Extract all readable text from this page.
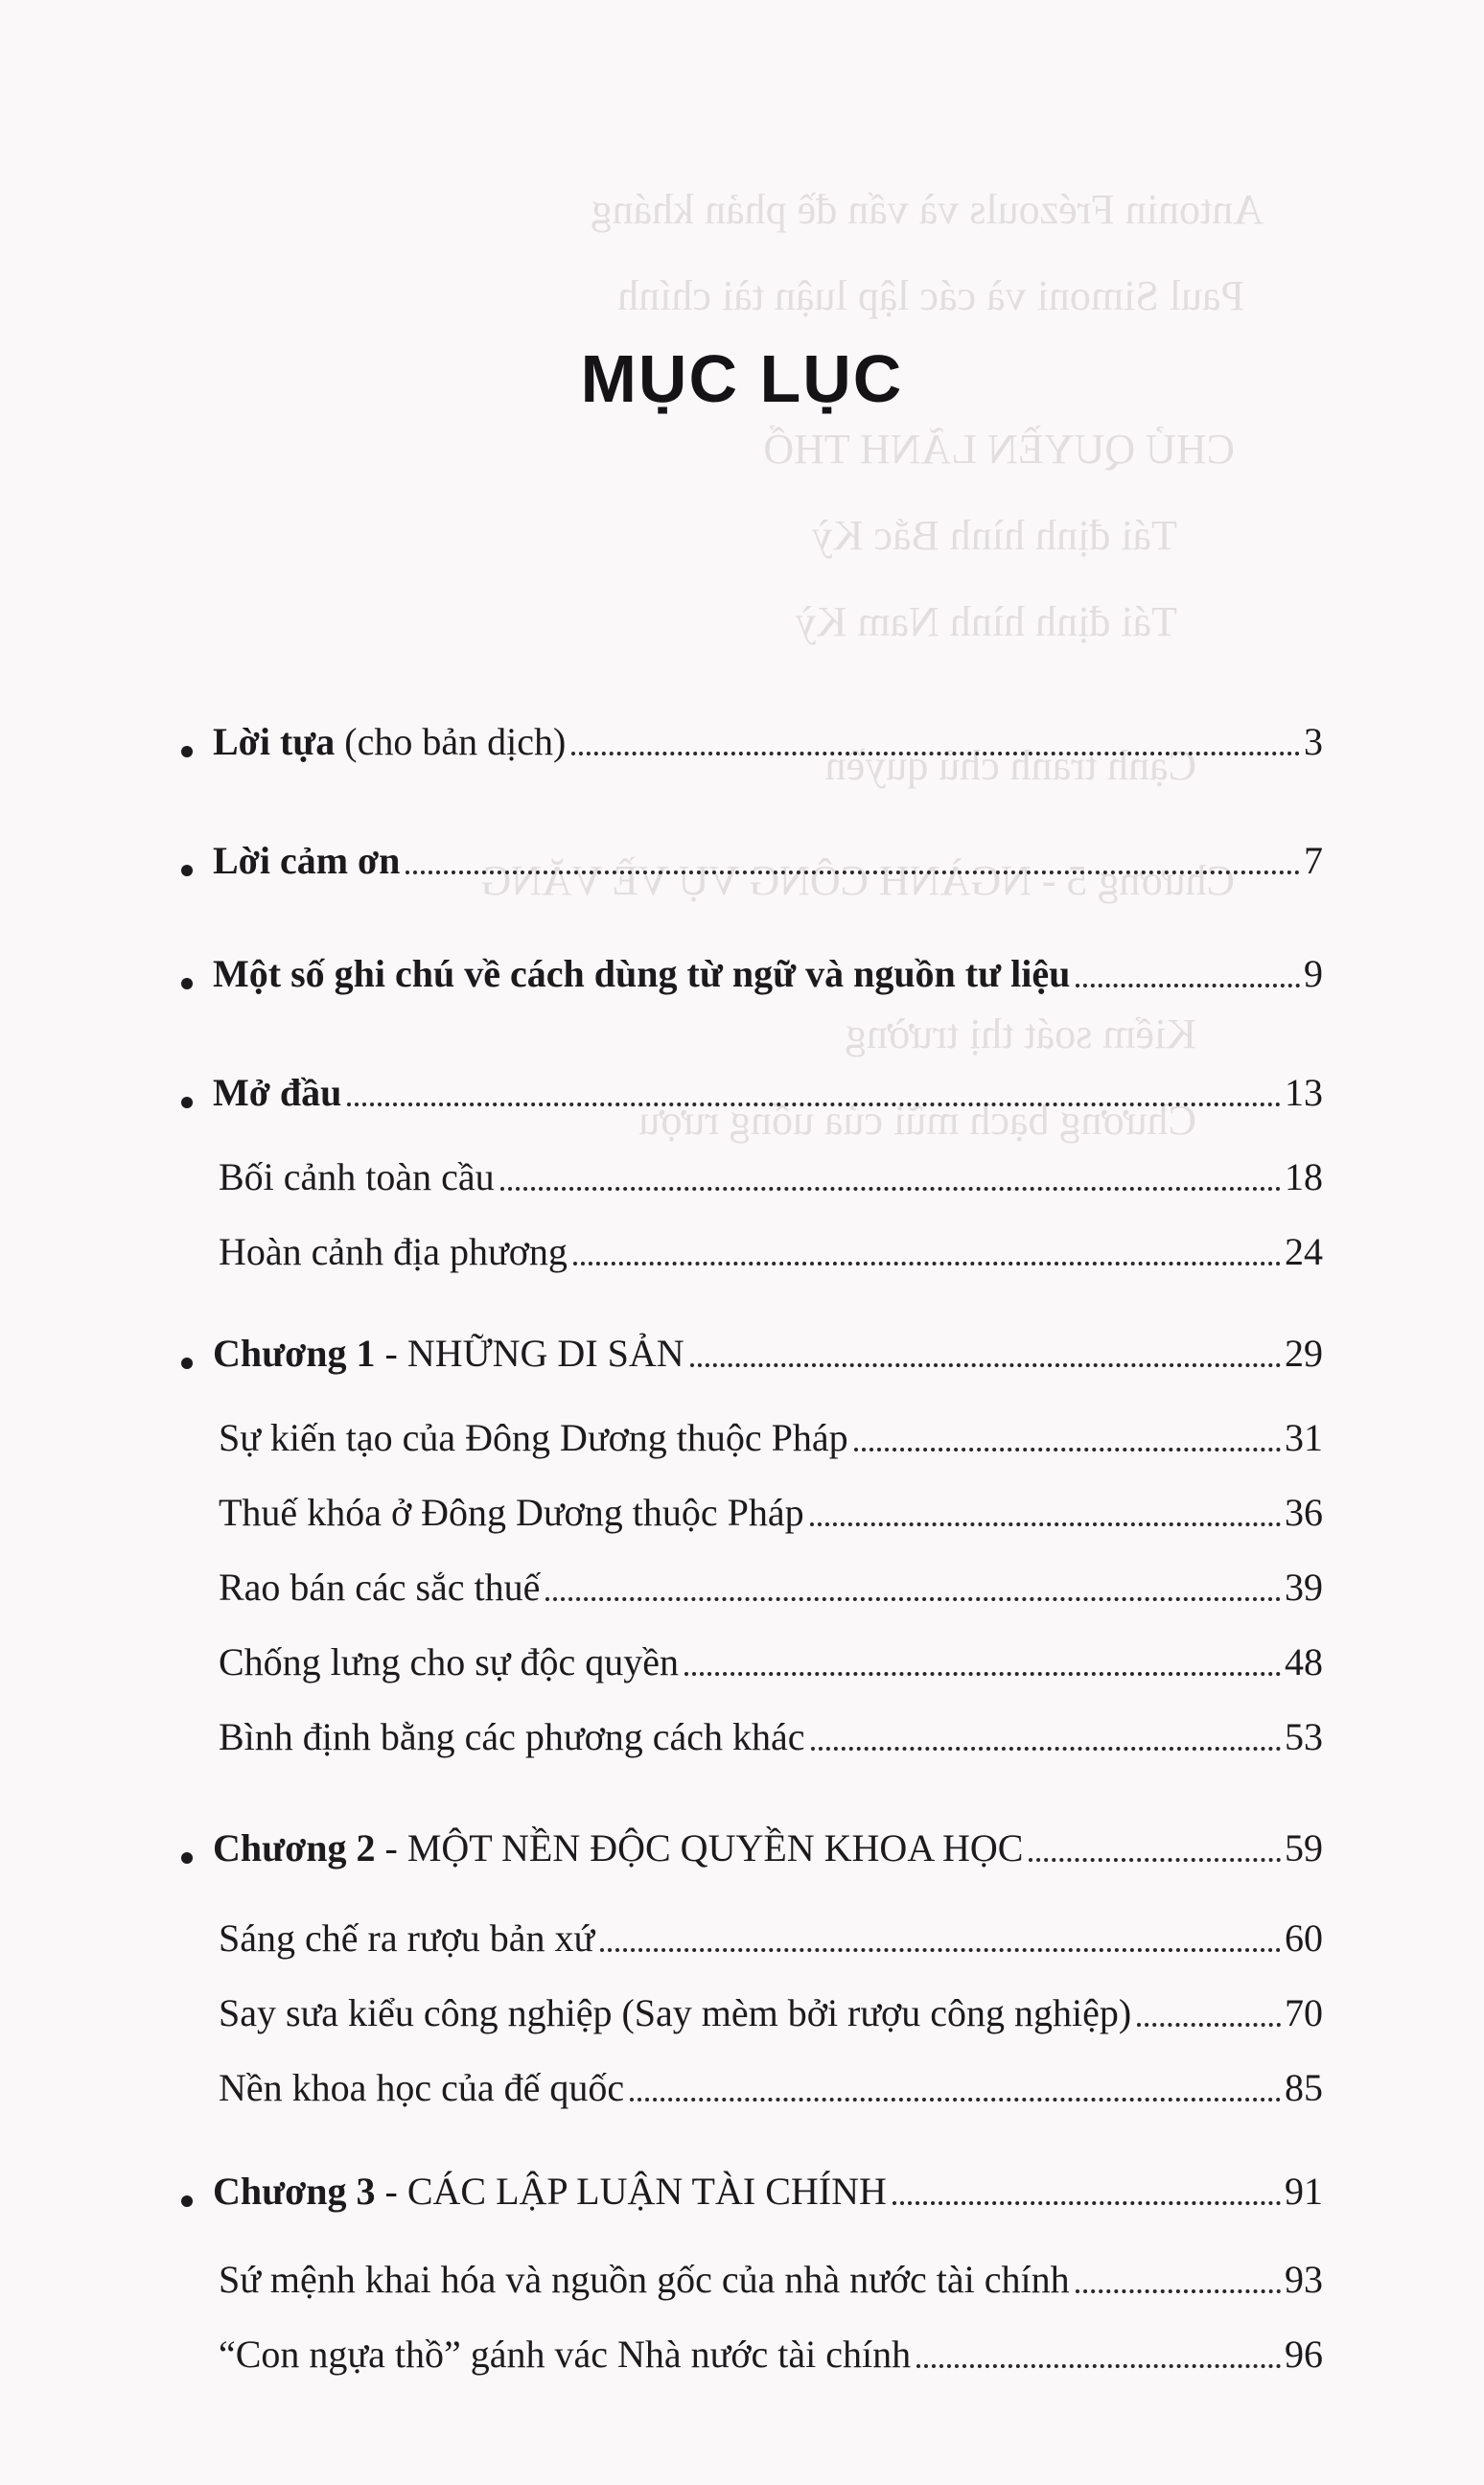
Antonin Frézouls và vấn đề phản kháng
Paul Simoni và các lập luận tài chính
CHỦ QUYỀN LÃNH THỔ
Tái định hình Bắc Kỳ
Tái định hình Nam Kỳ
Cạnh tranh chủ quyền
Chương 5 - NGÀNH CÔNG VỤ VỀ VĂNG
Kiểm soát thị trường
Chương bạch mũi của uống rượu
MỤC LỤC
Lời tựa (cho bản dịch)	3
Lời cảm ơn	7
Một số ghi chú về cách dùng từ ngữ và nguồn tư liệu	9
Mở đầu	13
Bối cảnh toàn cầu	18
Hoàn cảnh địa phương	24
Chương 1 - NHỮNG DI SẢN	29
Sự kiến tạo của Đông Dương thuộc Pháp	31
Thuế khóa ở Đông Dương thuộc Pháp	36
Rao bán các sắc thuế	39
Chống lưng cho sự độc quyền	48
Bình định bằng các phương cách khác	53
Chương 2 - MỘT NỀN ĐỘC QUYỀN KHOA HỌC	59
Sáng chế ra rượu bản xứ	60
Say sưa kiểu công nghiệp (Say mèm bởi rượu công nghiệp)	70
Nền khoa học của đế quốc	85
Chương 3 - CÁC LẬP LUẬN TÀI CHÍNH	91
Sứ mệnh khai hóa và nguồn gốc của nhà nước tài chính	93
“Con ngựa thồ” gánh vác Nhà nước tài chính	96
